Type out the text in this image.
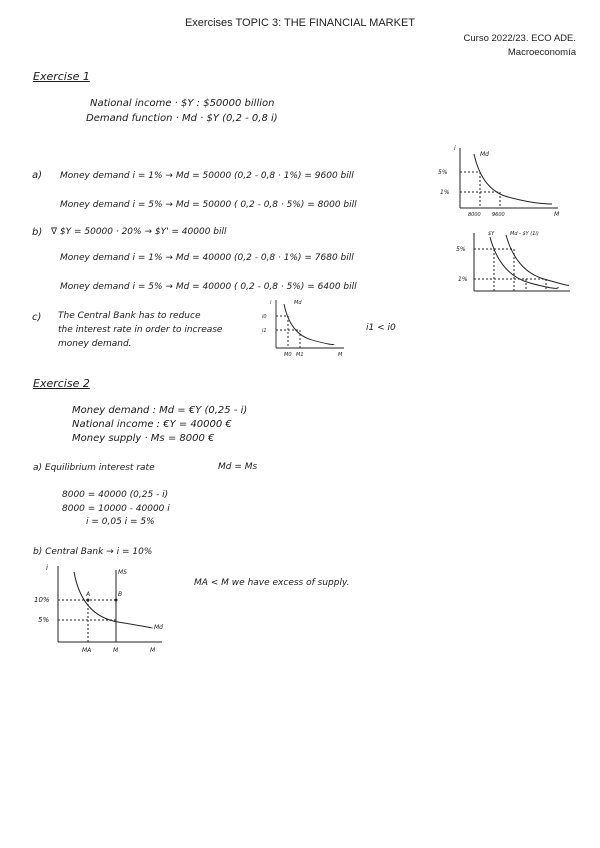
Exercises TOPIC 3: THE FINANCIAL MARKET
Curso 2022/23. ECO ADE.
Macroeconomía
Exercise 1
National income · $Y : $50000 billion
Demand function · Md · $Y (0,2 - 0,8 i)
a) Money demand i = 1% → Md = 50000 (0,2 - 0,8 · 1%) = 9600 bill
Money demand i = 5% → Md = 50000 ( 0,2 - 0,8 · 5%) = 8000 bill
b) ∇ $Y = 50000 · 20% → $Y' = 40000 bill
Money demand i = 1% → Md = 40000 (0,2 - 0,8 · 1%) = 7680 bill
Money demand i = 5% → Md = 40000 ( 0,2 - 0,8 · 5%) = 6400 bill
c) The Central Bank has to reduce
the interest rate in order to increase
money demand.
i1 < i0
i
Md
5%
1%
8000 9600	M
5%
1%
$Y	Md - $Y (1i)
i	Md
i0
i1
M0 M1	M
Exercise 2
Money demand : Md = €Y (0,25 - i)
National income : €Y = 40000 €
Money supply · Ms = 8000 €
a) Equilibrium interest rate	Md = Ms
8000 = 40000 (0,25 - i)
8000 = 10000 - 40000 i
i = 0,05 i = 5%
b) Central Bank → i = 10%
MA < M we have excess of supply.
i
MS
Md
10%
5%
A	B
MA	M	M
